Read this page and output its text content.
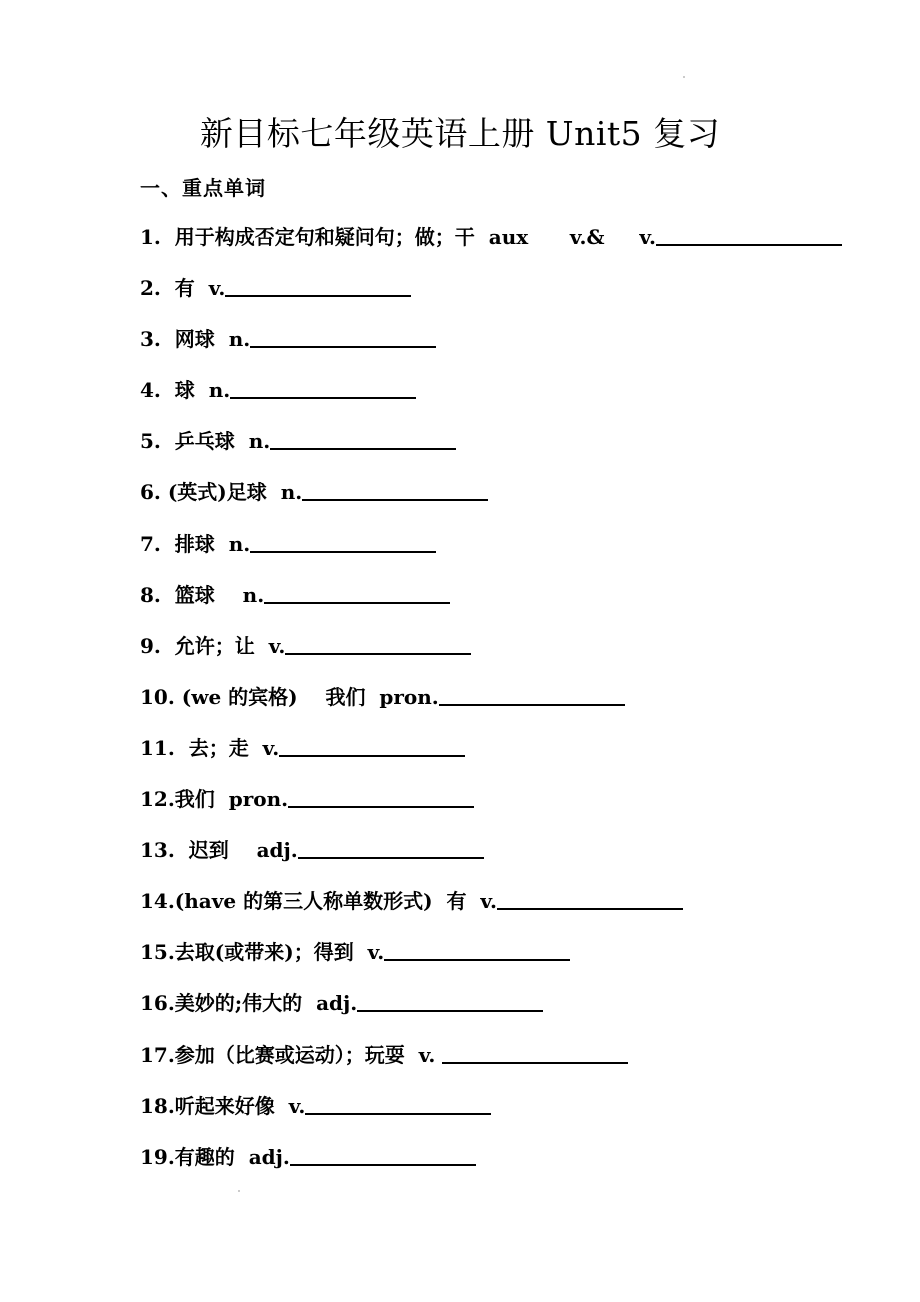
新目标七年级英语上册 Unit5 复习
一、重点单词
1.  用于构成否定句和疑问句；做；干  aux      v.&     v.
2.  有  v.
3.  网球  n.
4.  球  n.
5.  乒乓球  n.
6. (英式)足球  n.
7.  排球  n.
8.  篮球    n.
9.  允许；让  v.
10. (we 的宾格)    我们  pron.
11.  去；走  v.
12.我们  pron.
13.  迟到    adj.
14.(have 的第三人称单数形式)  有  v.
15.去取(或带来)；得到  v.
16.美妙的;伟大的  adj.
17.参加（比赛或运动）；玩耍  v.
18.听起来好像  v.
19.有趣的  adj.
